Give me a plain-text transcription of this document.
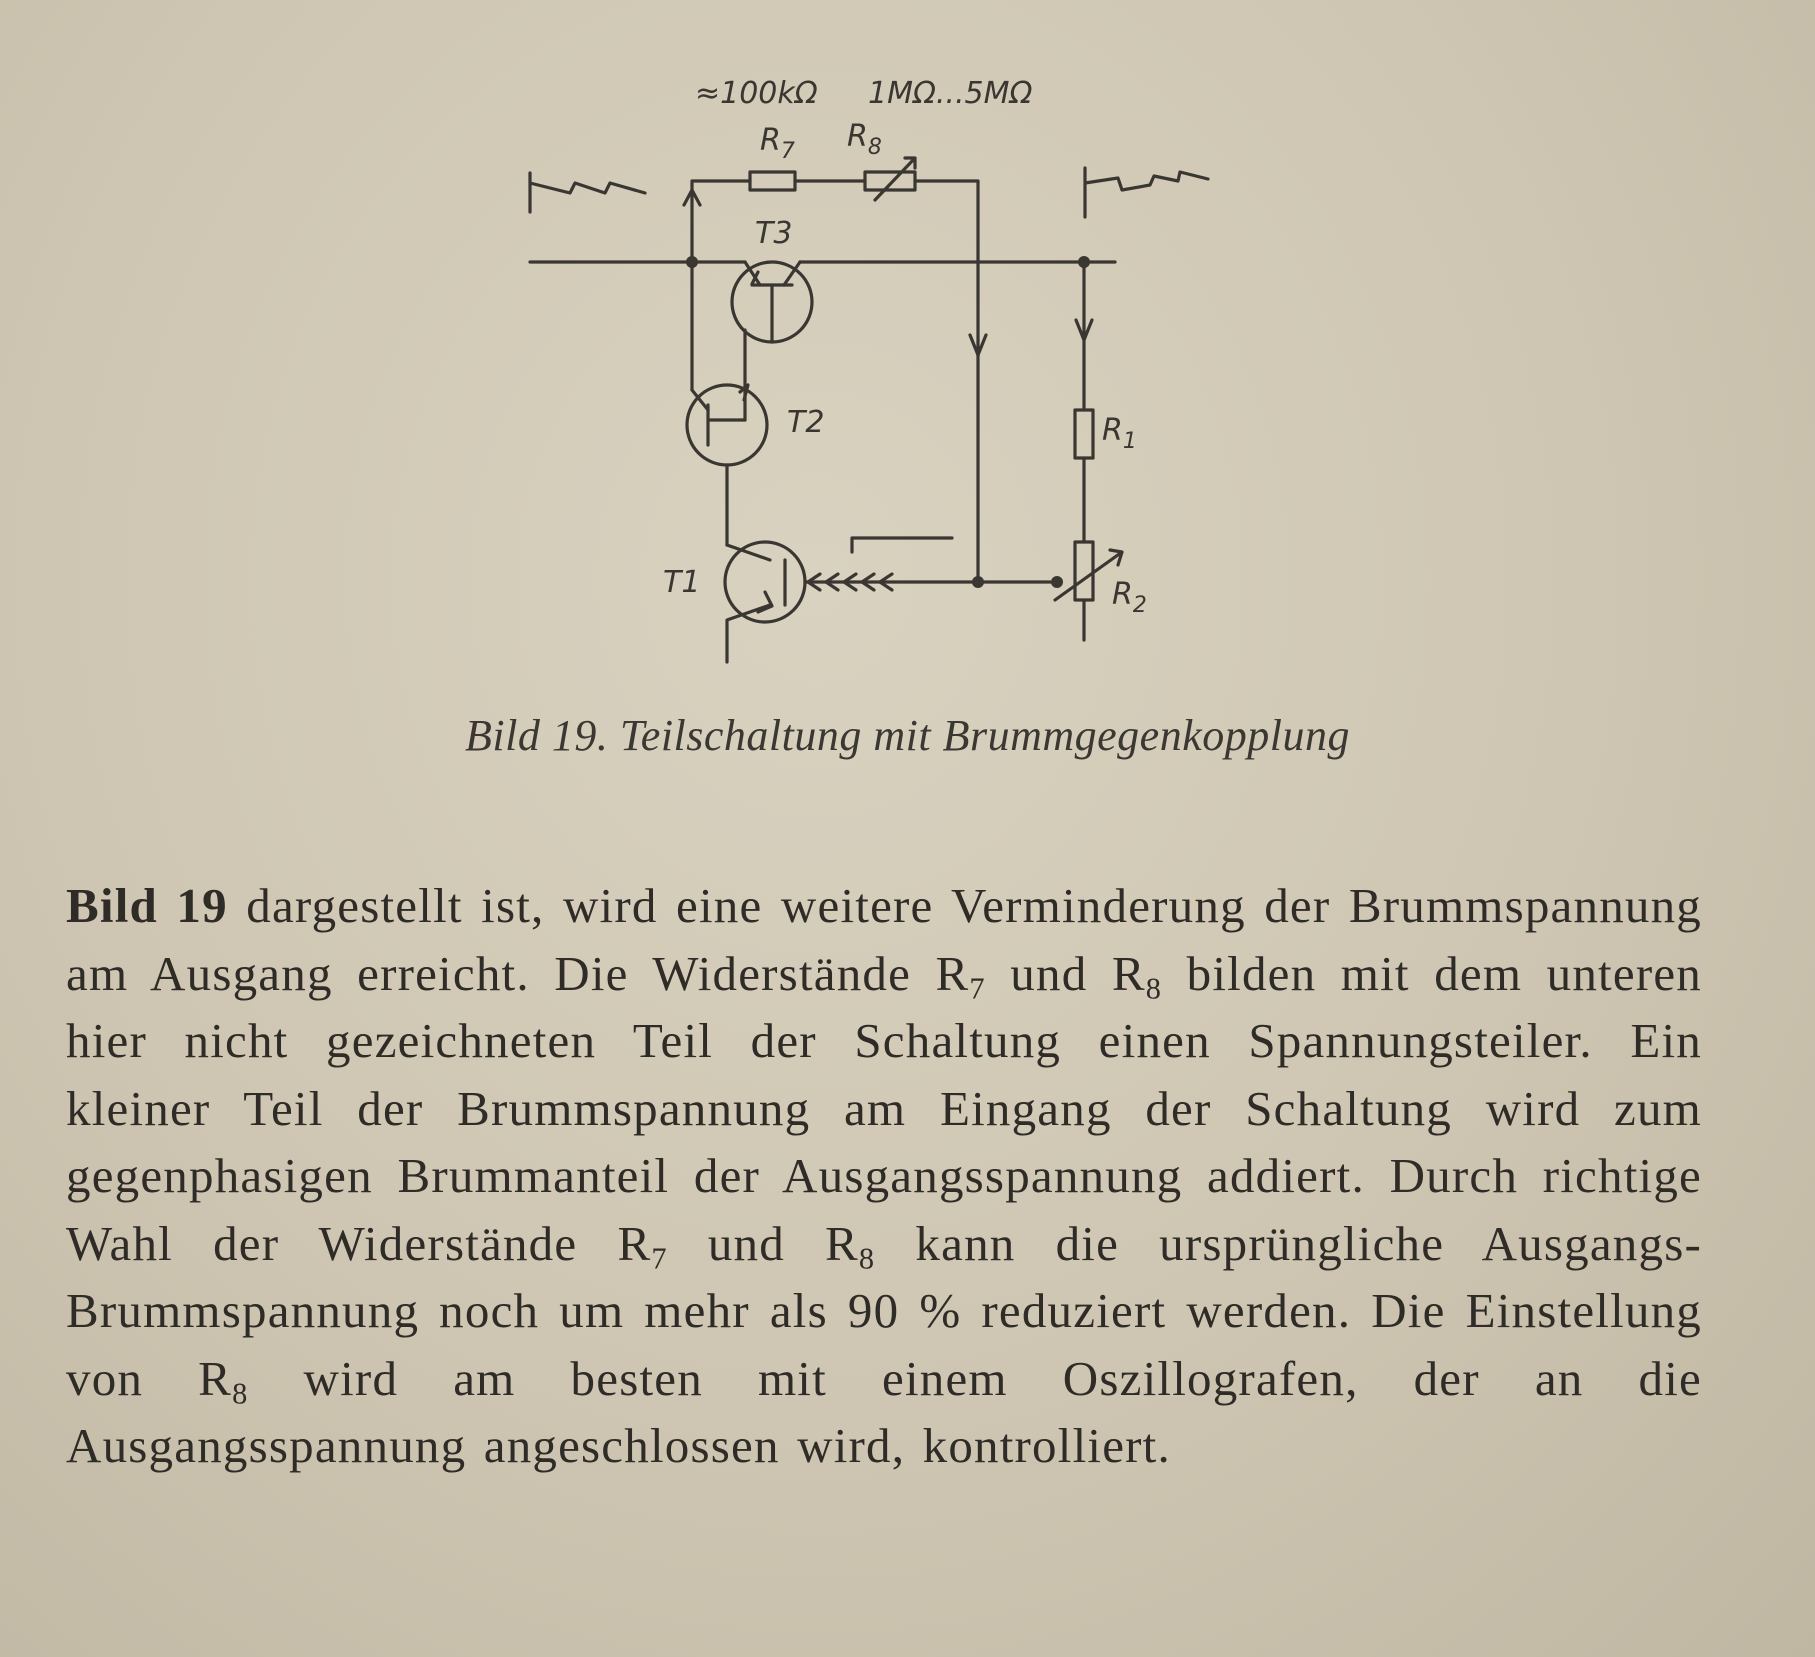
≈100kΩ 1MΩ...5MΩ
$R_7$ $R_8$
T3
T2
T1
$R_1$
$R_2$
Bild 19. Teilschaltung mit Brummgegenkopplung
Bild 19 dargestellt ist, wird eine weitere Verminderung der Brummspannung am Ausgang erreicht. Die Widerstände $R_7$ und $R_8$ bilden mit dem unteren hier nicht gezeichneten Teil der Schaltung einen Spannungsteiler. Ein kleiner Teil der Brummspannung am Eingang der Schaltung wird zum gegenphasigen Brummanteil der Ausgangsspannung addiert. Durch richtige Wahl der Widerstände $R_7$ und $R_8$ kann die ursprüngliche Ausgangs-Brummspannung noch um mehr als 90 % reduziert werden. Die Einstellung von $R_8$ wird am besten mit einem Oszillografen, der an die Ausgangsspannung angeschlossen wird, kontrolliert.
